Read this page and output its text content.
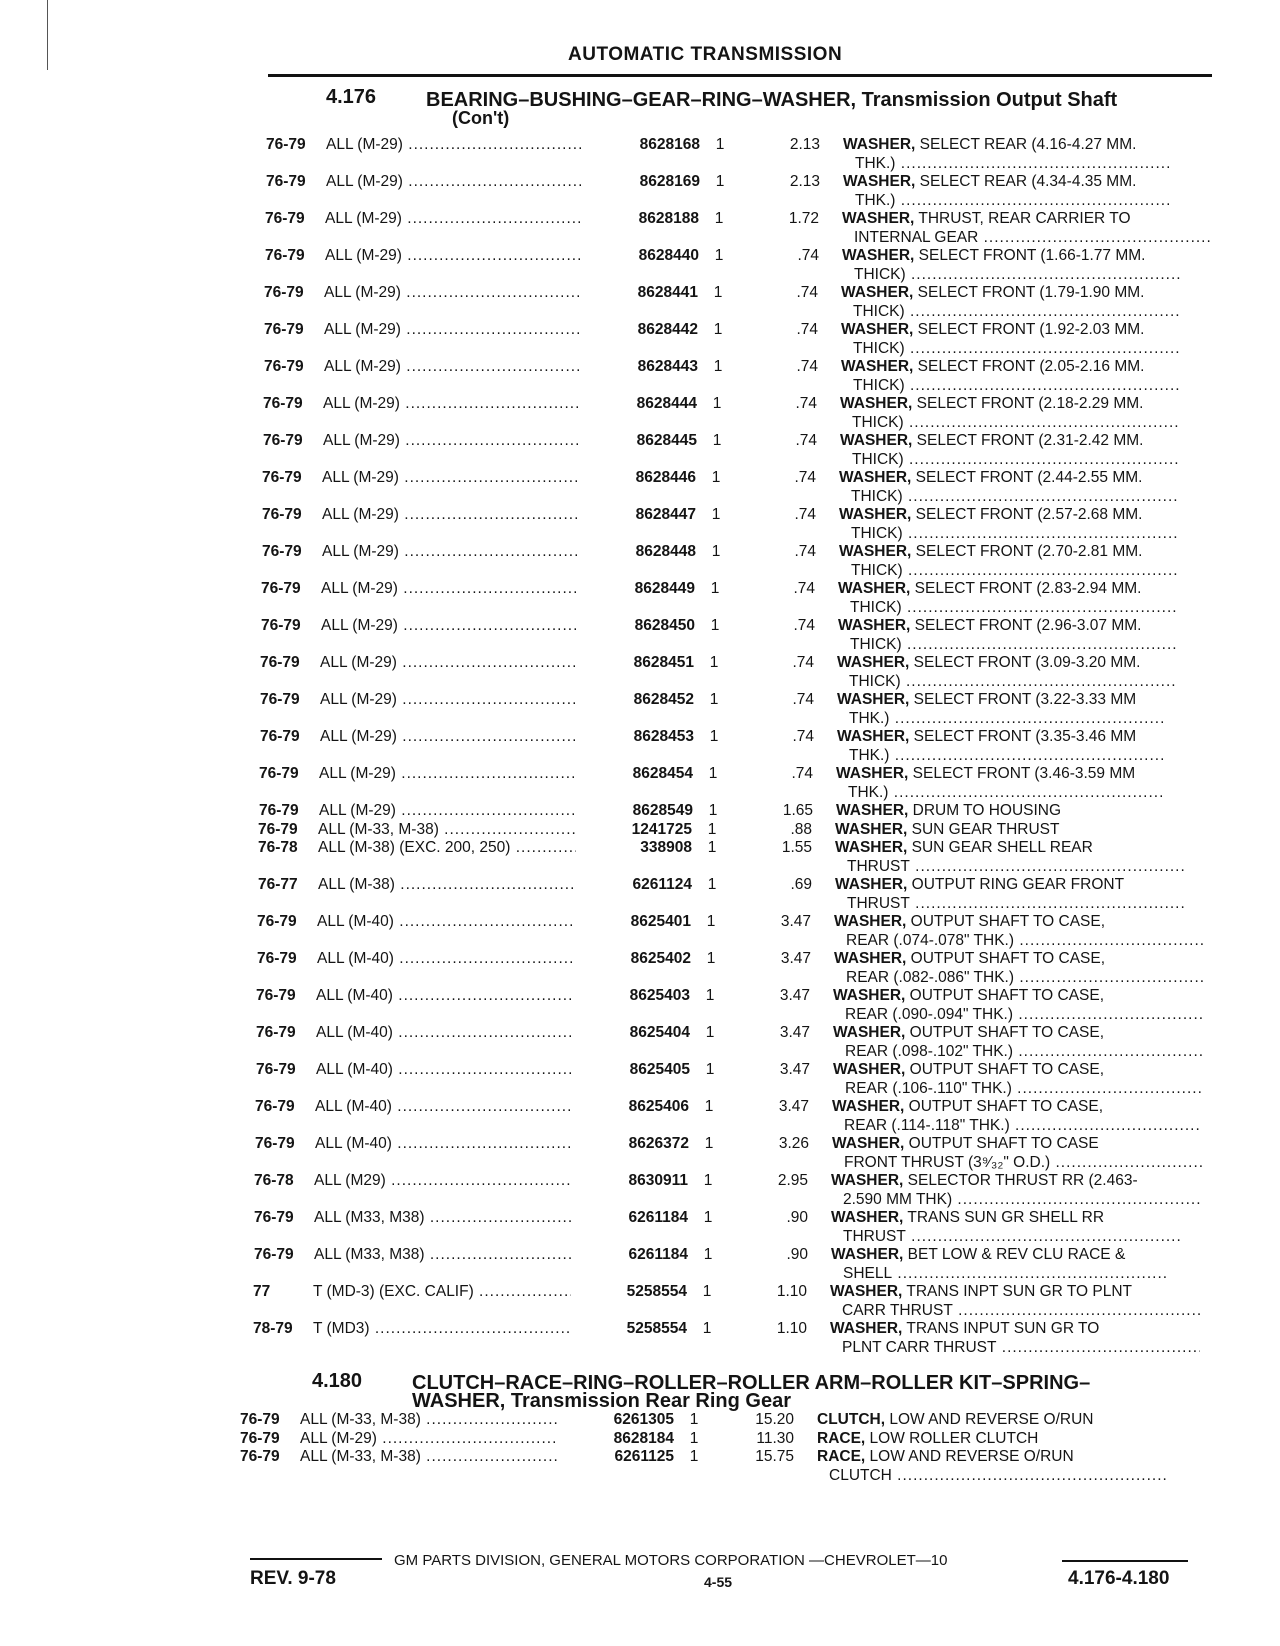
AUTOMATIC TRANSMISSION
4.176 BEARING–BUSHING–GEAR–RING–WASHER, Transmission Output Shaft
(Con't)
76-79 ALL (M-29) .....	8628168	1	2.13 WASHER, SELECT REAR (4.16-4.27 MM.
THK.) .....
76-79 ALL (M-29) .....	8628169	1	2.13 WASHER, SELECT REAR (4.34-4.35 MM.
THK.) .....
76-79 ALL (M-29) .....	8628188	1	1.72 WASHER, THRUST, REAR CARRIER TO
INTERNAL GEAR .....
76-79 ALL (M-29) .....	8628440	1	.74 WASHER, SELECT FRONT (1.66-1.77 MM.
THICK) .....
76-79 ALL (M-29) .....	8628441	1	.74 WASHER, SELECT FRONT (1.79-1.90 MM.
THICK) .....
76-79 ALL (M-29) .....	8628442	1	.74 WASHER, SELECT FRONT (1.92-2.03 MM.
THICK) .....
76-79 ALL (M-29) .....	8628443	1	.74 WASHER, SELECT FRONT (2.05-2.16 MM.
THICK) .....
76-79 ALL (M-29) .....	8628444	1	.74 WASHER, SELECT FRONT (2.18-2.29 MM.
THICK) .....
76-79 ALL (M-29) .....	8628445	1	.74 WASHER, SELECT FRONT (2.31-2.42 MM.
THICK) .....
76-79 ALL (M-29) .....	8628446	1	.74 WASHER, SELECT FRONT (2.44-2.55 MM.
THICK) .....
76-79 ALL (M-29) .....	8628447	1	.74 WASHER, SELECT FRONT (2.57-2.68 MM.
THICK) .....
76-79 ALL (M-29) .....	8628448	1	.74 WASHER, SELECT FRONT (2.70-2.81 MM.
THICK) .....
76-79 ALL (M-29) .....	8628449	1	.74 WASHER, SELECT FRONT (2.83-2.94 MM.
THICK) .....
76-79 ALL (M-29) .....	8628450	1	.74 WASHER, SELECT FRONT (2.96-3.07 MM.
THICK) .....
76-79 ALL (M-29) .....	8628451	1	.74 WASHER, SELECT FRONT (3.09-3.20 MM.
THICK) .....
76-79 ALL (M-29) .....	8628452	1	.74 WASHER, SELECT FRONT (3.22-3.33 MM
THK.) .....
76-79 ALL (M-29) .....	8628453	1	.74 WASHER, SELECT FRONT (3.35-3.46 MM
THK.) .....
76-79 ALL (M-29) .....	8628454	1	.74 WASHER, SELECT FRONT (3.46-3.59 MM
THK.) .....
76-79 ALL (M-29) .....	8628549	1	1.65 WASHER, DRUM TO HOUSING
76-79 ALL (M-33, M-38) .....	1241725	1	.88 WASHER, SUN GEAR THRUST
76-78 ALL (M-38) (EXC. 200, 250) .....	338908	1	1.55 WASHER, SUN GEAR SHELL REAR
THRUST .....
76-77 ALL (M-38) .....	6261124	1	.69 WASHER, OUTPUT RING GEAR FRONT
THRUST .....
76-79 ALL (M-40) .....	8625401	1	3.47 WASHER, OUTPUT SHAFT TO CASE,
REAR (.074-.078" THK.) .....
76-79 ALL (M-40) .....	8625402	1	3.47 WASHER, OUTPUT SHAFT TO CASE,
REAR (.082-.086" THK.) .....
76-79 ALL (M-40) .....	8625403	1	3.47 WASHER, OUTPUT SHAFT TO CASE,
REAR (.090-.094" THK.) .....
76-79 ALL (M-40) .....	8625404	1	3.47 WASHER, OUTPUT SHAFT TO CASE,
REAR (.098-.102" THK.) .....
76-79 ALL (M-40) .....	8625405	1	3.47 WASHER, OUTPUT SHAFT TO CASE,
REAR (.106-.110" THK.) .....
76-79 ALL (M-40) .....	8625406	1	3.47 WASHER, OUTPUT SHAFT TO CASE,
REAR (.114-.118" THK.) .....
76-79 ALL (M-40) .....	8626372	1	3.26 WASHER, OUTPUT SHAFT TO CASE
FRONT THRUST (3⁹⁄₃₂" O.D.) .....
76-78 ALL (M29) .....	8630911	1	2.95 WASHER, SELECTOR THRUST RR (2.463-
2.590 MM THK) .....
76-79 ALL (M33, M38) .....	6261184	1	.90 WASHER, TRANS SUN GR SHELL RR
THRUST .....
76-79 ALL (M33, M38) .....	6261184	1	.90 WASHER, BET LOW & REV CLU RACE &
SHELL .....
77	T (MD-3) (EXC. CALIF) .....	5258554	1	1.10 WASHER, TRANS INPT SUN GR TO PLNT
CARR THRUST .....
78-79 T (MD3) .....	5258554	1	1.10 WASHER, TRANS INPUT SUN GR TO
PLNT CARR THRUST .....
4.180 CLUTCH–RACE–RING–ROLLER–ROLLER ARM–ROLLER KIT–SPRING–
WASHER, Transmission Rear Ring Gear
76-79 ALL (M-33, M-38) .....	6261305	1	15.20 CLUTCH, LOW AND REVERSE O/RUN
76-79 ALL (M-29) .....	8628184	1	11.30 RACE, LOW ROLLER CLUTCH
76-79 ALL (M-33, M-38) .....	6261125	1	15.75 RACE, LOW AND REVERSE O/RUN
CLUTCH .....
GM PARTS DIVISION, GENERAL MOTORS CORPORATION —CHEVROLET—10
REV. 9-78	4-55	4.176-4.180
